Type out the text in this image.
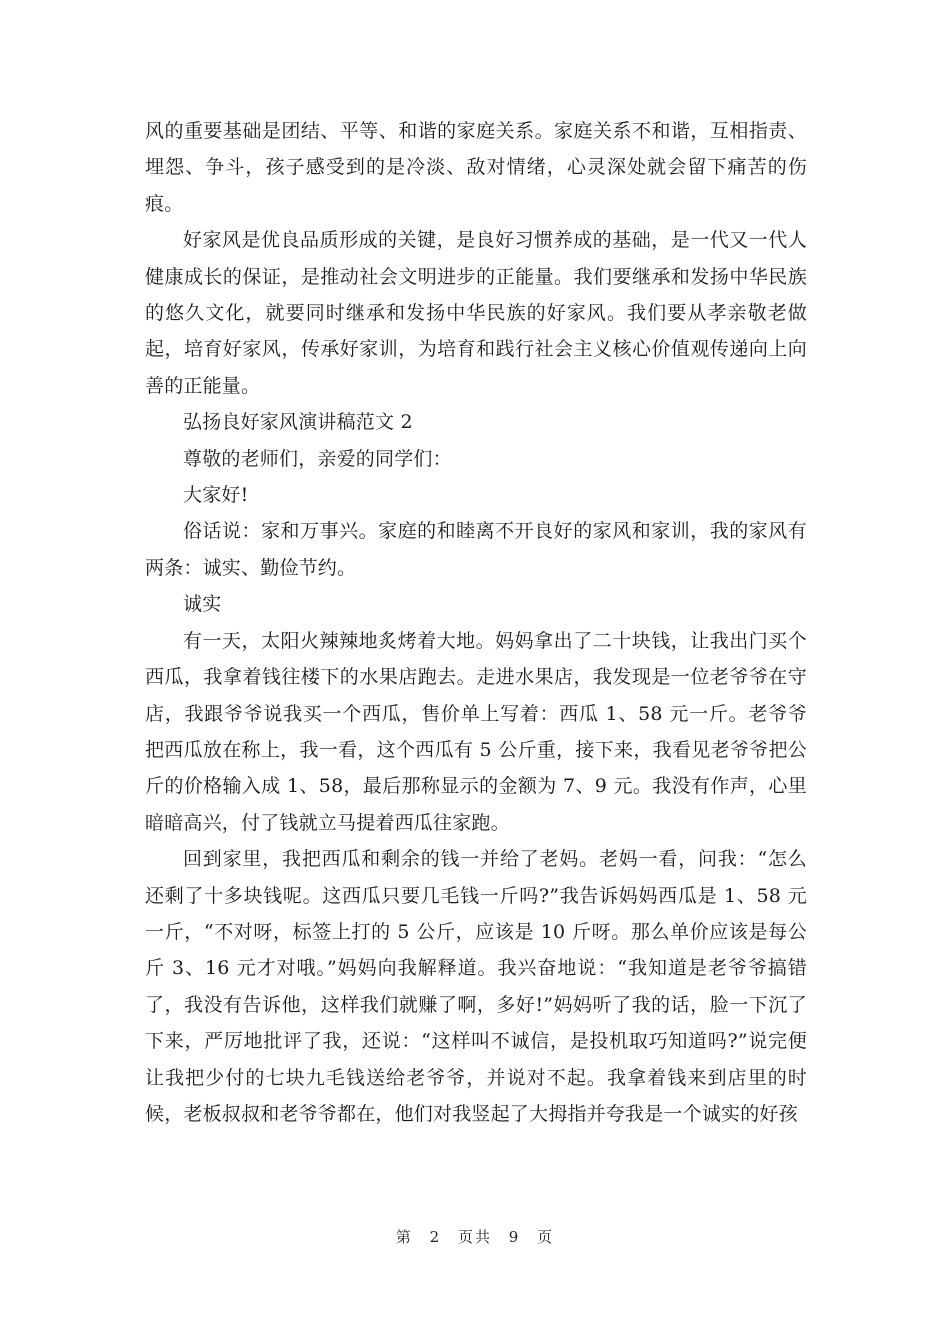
风的重要基础是团结、平等、和谐的家庭关系。家庭关系不和谐，互相指责、埋怨、争斗，孩子感受到的是冷淡、敌对情绪，心灵深处就会留下痛苦的伤痕。

好家风是优良品质形成的关键，是良好习惯养成的基础，是一代又一代人健康成长的保证，是推动社会文明进步的正能量。我们要继承和发扬中华民族的悠久文化，就要同时继承和发扬中华民族的好家风。我们要从孝亲敬老做起，培育好家风，传承好家训，为培育和践行社会主义核心价值观传递向上向善的正能量。

弘扬良好家风演讲稿范文 2

尊敬的老师们，亲爱的同学们：

大家好!

俗话说：家和万事兴。家庭的和睦离不开良好的家风和家训，我的家风有两条：诚实、勤俭节约。

诚实

有一天，太阳火辣辣地炙烤着大地。妈妈拿出了二十块钱，让我出门买个西瓜，我拿着钱往楼下的水果店跑去。走进水果店，我发现是一位老爷爷在守店，我跟爷爷说我买一个西瓜，售价单上写着：西瓜 1、58 元一斤。老爷爷把西瓜放在称上，我一看，这个西瓜有 5 公斤重，接下来，我看见老爷爷把公斤的价格输入成 1、58，最后那称显示的金额为 7、9 元。我没有作声，心里暗暗高兴，付了钱就立马提着西瓜往家跑。

回到家里，我把西瓜和剩余的钱一并给了老妈。老妈一看，问我：“怎么还剩了十多块钱呢。这西瓜只要几毛钱一斤吗?”我告诉妈妈西瓜是 1、58 元一斤，“不对呀，标签上打的 5 公斤，应该是 10 斤呀。那么单价应该是每公斤 3、16 元才对哦。”妈妈向我解释道。我兴奋地说：“我知道是老爷爷搞错了，我没有告诉他，这样我们就赚了啊，多好!”妈妈听了我的话，脸一下沉了下来，严厉地批评了我，还说：“这样叫不诚信，是投机取巧知道吗?”说完便让我把少付的七块九毛钱送给老爷爷，并说对不起。我拿着钱来到店里的时候，老板叔叔和老爷爷都在，他们对我竖起了大拇指并夸我是一个诚实的好孩

第 2 页共 9 页
